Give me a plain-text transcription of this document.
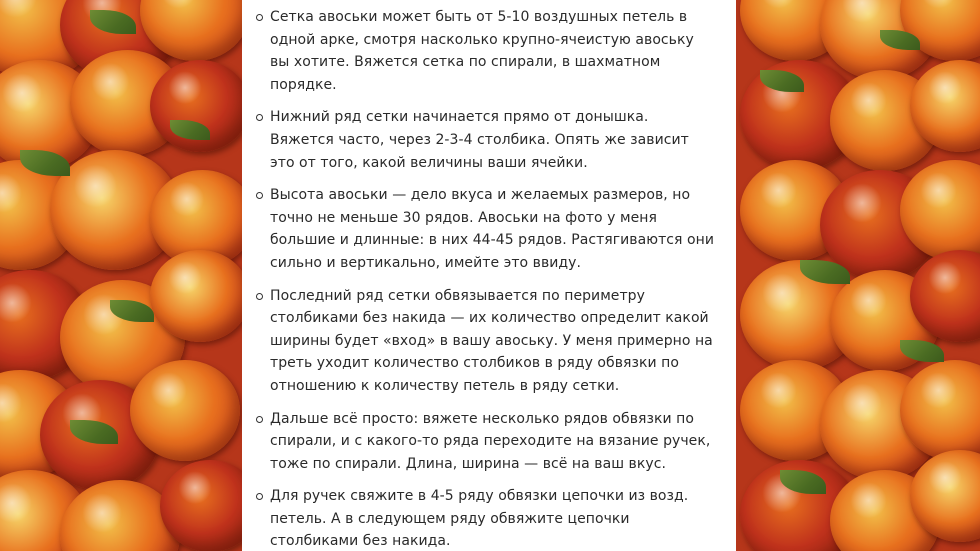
Сетка авоськи может быть от 5-10 воздушных петель в одной арке, смотря насколько крупно-ячеистую авоську вы хотите. Вяжется сетка по спирали, в шахматном порядке.
Нижний ряд сетки начинается прямо от донышка. Вяжется часто, через 2-3-4 столбика. Опять же зависит это от того, какой величины ваши ячейки.
Высота авоськи — дело вкуса и желаемых размеров, но точно не меньше 30 рядов. Авоськи на фото у меня большие и длинные: в них 44-45 рядов. Растягиваются они сильно и вертикально, имейте это ввиду.
Последний ряд сетки обвязывается по периметру столбиками без накида — их количество определит какой ширины будет «вход» в вашу авоську. У меня примерно на треть уходит количество столбиков в ряду обвязки по отношению к количеству петель в ряду сетки.
Дальше всё просто: вяжете несколько рядов обвязки по спирали, и с какого-то ряда переходите на вязание ручек, тоже по спирали. Длина, ширина — всё на ваш вкус.
Для ручек свяжите в 4-5 ряду обвязки цепочки из возд. петель. А в следующем ряду обвяжите цепочки столбиками без накида.
